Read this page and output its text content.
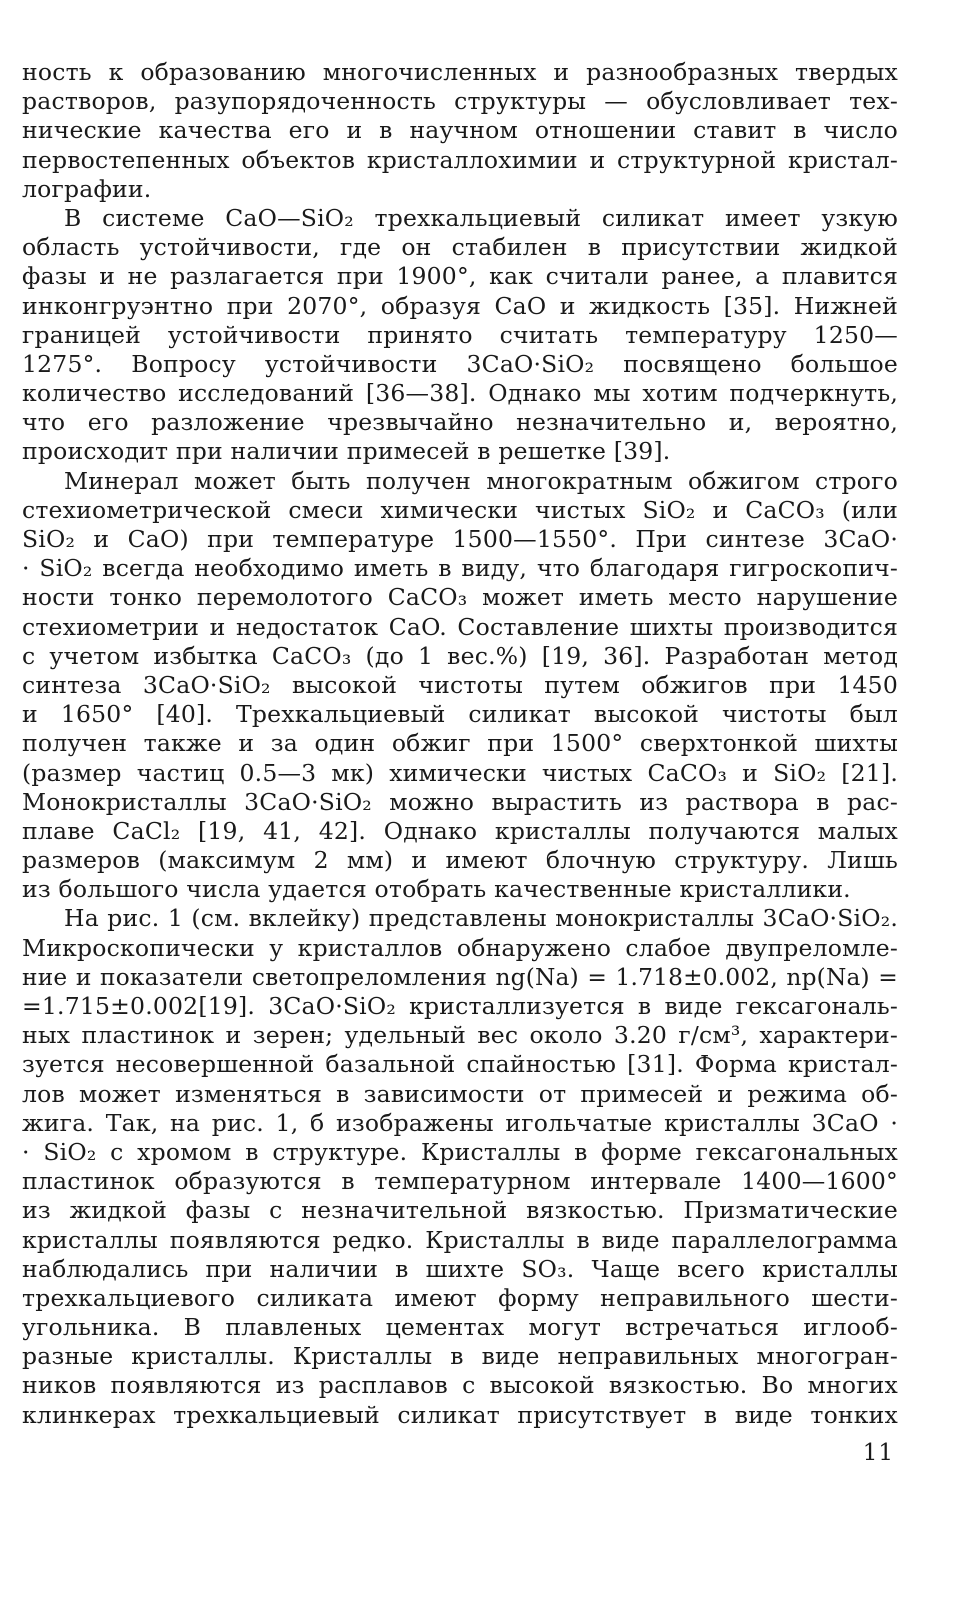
ность к образованию многочисленных и разнообразных твердых
растворов, разупорядоченность структуры — обусловливает тех-
нические качества его и в научном отношении ставит в число
первостепенных объектов кристаллохимии и структурной кристал-
лографии.
В системе CaO—SiO₂ трехкальциевый силикат имеет узкую
область устойчивости, где он стабилен в присутствии жидкой
фазы и не разлагается при 1900°, как считали ранее, а плавится
инконгруэнтно при 2070°, образуя CaO и жидкость [35]. Нижней
границей устойчивости принято считать температуру 1250—
1275°. Вопросу устойчивости 3CaO·SiO₂ посвящено большое
количество исследований [36—38]. Однако мы хотим подчеркнуть,
что его разложение чрезвычайно незначительно и, вероятно,
происходит при наличии примесей в решетке [39].
Минерал может быть получен многократным обжигом строго
стехиометрической смеси химически чистых SiO₂ и CaCO₃ (или
SiO₂ и CaO) при температуре 1500—1550°. При синтезе 3CaO·
· SiO₂ всегда необходимо иметь в виду, что благодаря гигроскопич-
ности тонко перемолотого CaCO₃ может иметь место нарушение
стехиометрии и недостаток CaO. Составление шихты производится
с учетом избытка CaCO₃ (до 1 вес.%) [19, 36]. Разработан метод
синтеза 3CaO·SiO₂ высокой чистоты путем обжигов при 1450
и 1650° [40]. Трехкальциевый силикат высокой чистоты был
получен также и за один обжиг при 1500° сверхтонкой шихты
(размер частиц 0.5—3 мк) химически чистых CaCO₃ и SiO₂ [21].
Монокристаллы 3CaO·SiO₂ можно вырастить из раствора в рас-
плаве CaCl₂ [19, 41, 42]. Однако кристаллы получаются малых
размеров (максимум 2 мм) и имеют блочную структуру. Лишь
из большого числа удается отобрать качественные кристаллики.
На рис. 1 (см. вклейку) представлены монокристаллы 3CaO·SiO₂.
Микроскопически у кристаллов обнаружено слабое двупреломле-
ние и показатели светопреломления ng(Na) = 1.718±0.002, np(Na) =
=1.715±0.002[19]. 3CaO·SiO₂ кристаллизуется в виде гексагональ-
ных пластинок и зерен; удельный вес около 3.20 г/см³, характери-
зуется несовершенной базальной спайностью [31]. Форма кристал-
лов может изменяться в зависимости от примесей и режима об-
жига. Так, на рис. 1, б изображены игольчатые кристаллы 3CaO ·
· SiO₂ с хромом в структуре. Кристаллы в форме гексагональных
пластинок образуются в температурном интервале 1400—1600°
из жидкой фазы с незначительной вязкостью. Призматические
кристаллы появляются редко. Кристаллы в виде параллелограмма
наблюдались при наличии в шихте SO₃. Чаще всего кристаллы
трехкальциевого силиката имеют форму неправильного шести-
угольника. В плавленых цементах могут встречаться иглооб-
разные кристаллы. Кристаллы в виде неправильных многогран-
ников появляются из расплавов с высокой вязкостью. Во многих
клинкерах трехкальциевый силикат присутствует в виде тонких
11
